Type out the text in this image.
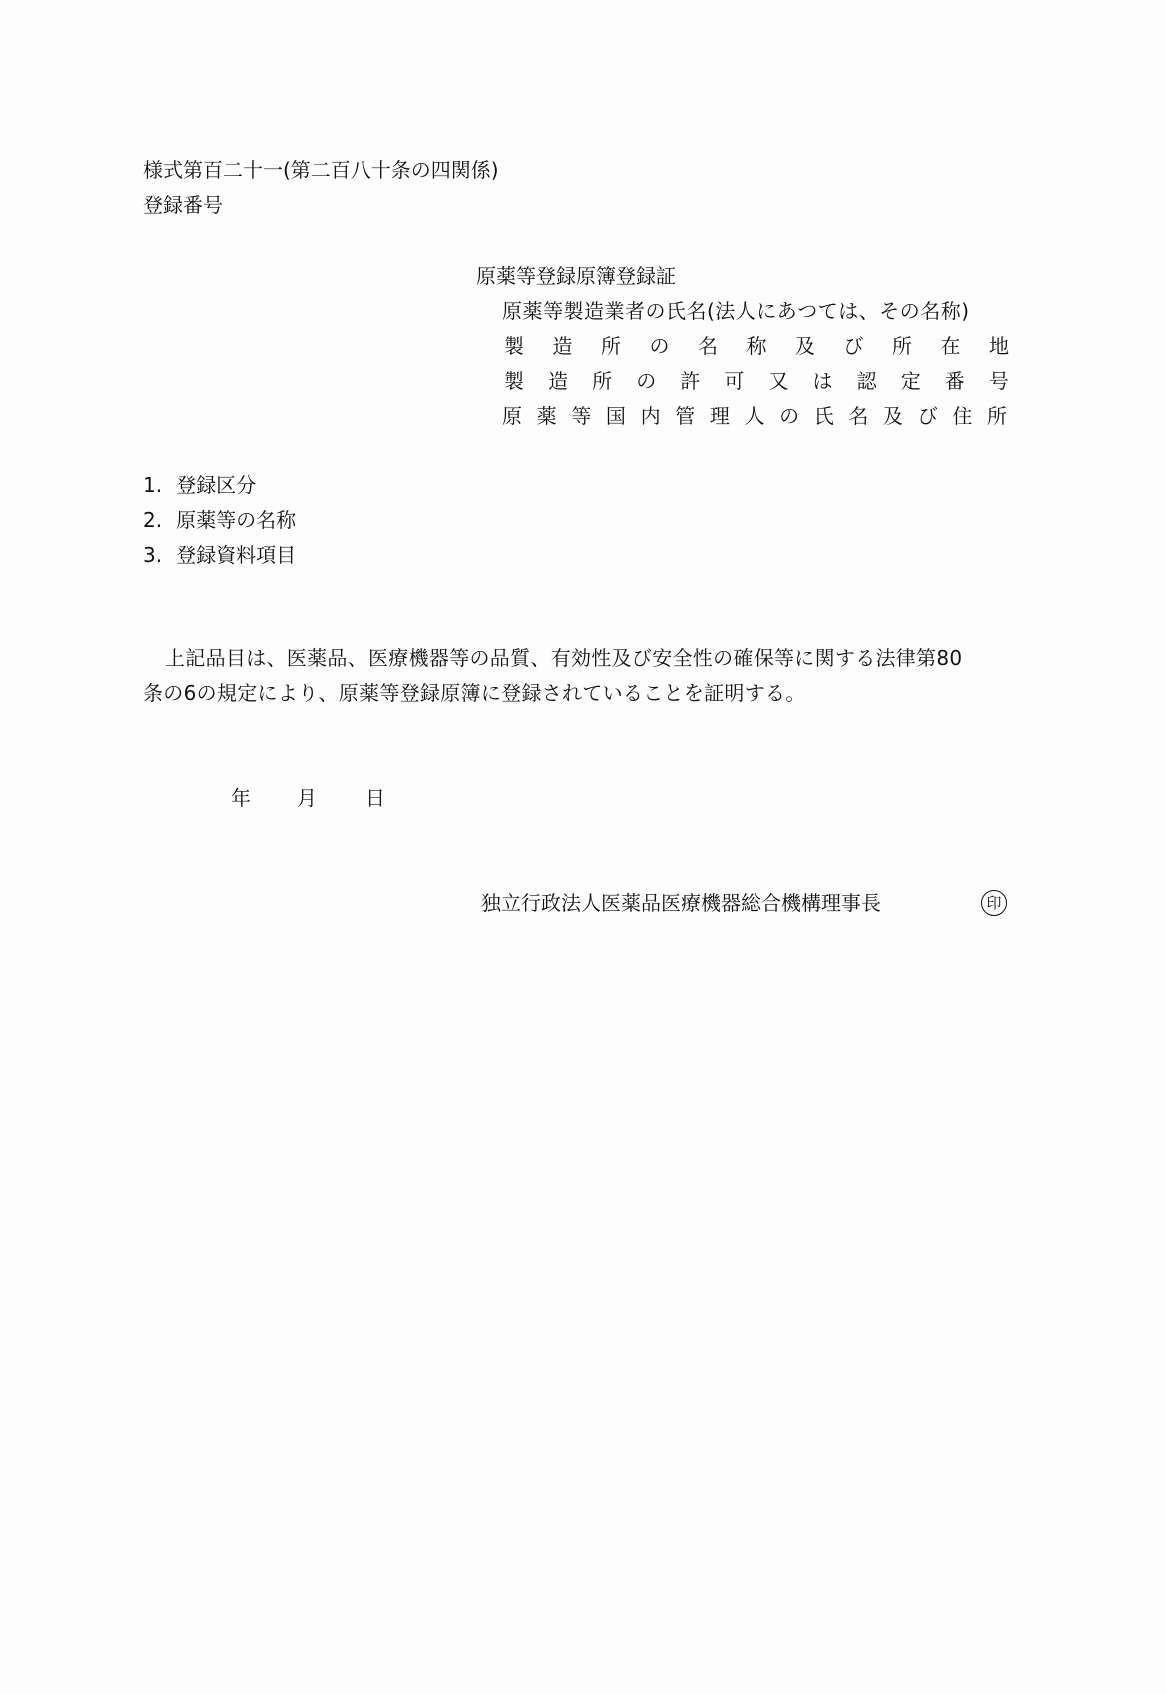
様式第百二十一(第二百八十条の四関係)
登録番号
原薬等登録原簿登録証
原薬等製造業者の氏名(法人にあつては、その名称)
製 造 所 の 名 称 及 び 所 在 地
製 造 所 の 許 可 又 は 認 定 番 号
原 薬 等 国 内 管 理 人 の 氏 名 及 び 住 所
1. 登録区分
2. 原薬等の名称
3. 登録資料項目
上記品目は、医薬品、医療機器等の品質、有効性及び安全性の確保等に関する法律第80
条の6の規定により、原薬等登録原簿に登録されていることを証明する。
年 月 日
独立行政法人医薬品医療機器総合機構理事長	印
